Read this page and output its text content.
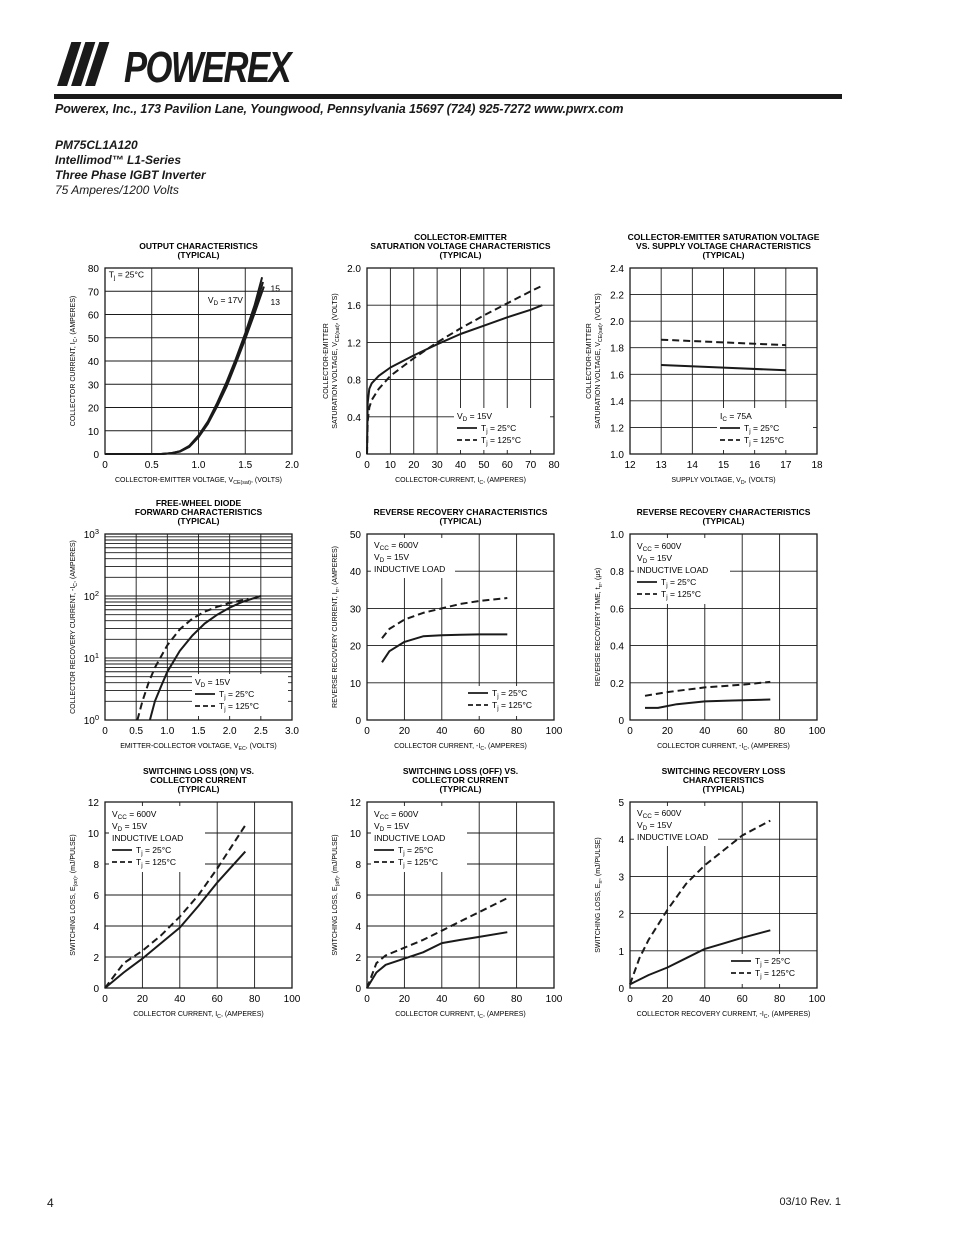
POWEREX
Powerex, Inc., 173 Pavilion Lane, Youngwood, Pennsylvania 15697 (724) 925-7272 www.pwrx.com
PM75CL1A120
Intellimod™ L1-Series
Three Phase IGBT Inverter
75 Amperes/1200 Volts
OUTPUT CHARACTERISTICS
(TYPICAL)
0	0.5	1.0	1.5	2.0
0
10
20
30
40
50
60
70
80
COLLECTOR-EMITTER VOLTAGE, $V_{CE(sat)}$, (VOLTS)
COLLECTOR CURRENT, $I_C$, (AMPERES)
$T_j = 25^\circ C$
$V_D = 17V$
15
13
COLLECTOR-EMITTER
SATURATION VOLTAGE CHARACTERISTICS
(TYPICAL)
0 10 20 30 40 50 60 70 80
0
0.4
0.8
1.2
1.6
2.0
COLLECTOR-CURRENT, $I_C$, (AMPERES)
COLLECTOR-EMITTER SATURATION VOLTAGE, $V_{CE(sat)}$, (VOLTS)
$V_D = 15V$
$T_j = 25^\circ C$
$T_j = 125^\circ C$
COLLECTOR-EMITTER SATURATION VOLTAGE
VS. SUPPLY VOLTAGE CHARACTERISTICS
(TYPICAL)
12 13 14 15 16 17 18
1.0
1.2
1.4
1.6
1.8
2.0
2.2
2.4
SUPPLY VOLTAGE, $V_D$, (VOLTS)
COLLECTOR-EMITTER SATURATION VOLTAGE, $V_{CE(sat)}$, (VOLTS)
$I_C = 75A$
$T_j = 25^\circ C$
$T_j = 125^\circ C$
FREE-WHEEL DIODE
FORWARD CHARACTERISTICS
(TYPICAL)
0 0.5 1.0 1.5 2.0 2.5 3.0
$10^0$
$10^1$
$10^2$
$10^3$
EMITTER-COLLECTOR VOLTAGE, $V_{EC}$, (VOLTS)
COLLECTOR RECOVERY CURRENT, $-I_C$, (AMPERES)
$V_D = 15V$
$T_j = 25^\circ C$
$T_j = 125^\circ C$
REVERSE RECOVERY CHARACTERISTICS
(TYPICAL)
0	20	40	60	80 100
0
10
20
30
40
50
COLLECTOR CURRENT, $-I_C$, (AMPERES)
REVERSE RECOVERY CURRENT, $I_{rr}$, (AMPERES)
$V_{CC} = 600V$
$V_D = 15V$
INDUCTIVE LOAD
$T_j = 25^\circ C$
$T_j = 125^\circ C$
REVERSE RECOVERY CHARACTERISTICS
(TYPICAL)
0	20	40	60	80 100
0
0.2
0.4
0.6
0.8
1.0
COLLECTOR CURRENT, $-I_C$, (AMPERES)
REVERSE RECOVERY TIME, $t_{rr}$, (μs)
$V_{CC} = 600V$
$V_D = 15V$
INDUCTIVE LOAD
$T_j = 25^\circ C$
$T_j = 125^\circ C$
SWITCHING LOSS (ON) VS.
COLLECTOR CURRENT
(TYPICAL)
0	20	40	60	80 100
0
2
4
6
8
10
12
COLLECTOR CURRENT, $I_C$, (AMPERES)
SWITCHING LOSS, $E_{(on)}$, (mJ/PULSE)
$V_{CC} = 600V$
$V_D = 15V$
INDUCTIVE LOAD
$T_j = 25^\circ C$
$T_j = 125^\circ C$
SWITCHING LOSS (OFF) VS.
COLLECTOR CURRENT
(TYPICAL)
0	20	40	60	80 100
0
2
4
6
8
10
12
COLLECTOR CURRENT, $I_C$, (AMPERES)
SWITCHING LOSS, $E_{(off)}$, (mJ/PULSE)
$V_{CC} = 600V$
$V_D = 15V$
INDUCTIVE LOAD
$T_j = 25^\circ C$
$T_j = 125^\circ C$
SWITCHING RECOVERY LOSS
CHARACTERISTICS
(TYPICAL)
0	20	40	60	80 100
0
1
2
3
4
5
COLLECTOR RECOVERY CURRENT, $-I_C$, (AMPERES)
SWITCHING LOSS, $E_{rr}$, (mJ/PULSE)
$V_{CC} = 600V$
$V_D = 15V$
INDUCTIVE LOAD
$T_j = 25^\circ C$
$T_j = 125^\circ C$
4	03/10 Rev. 1
